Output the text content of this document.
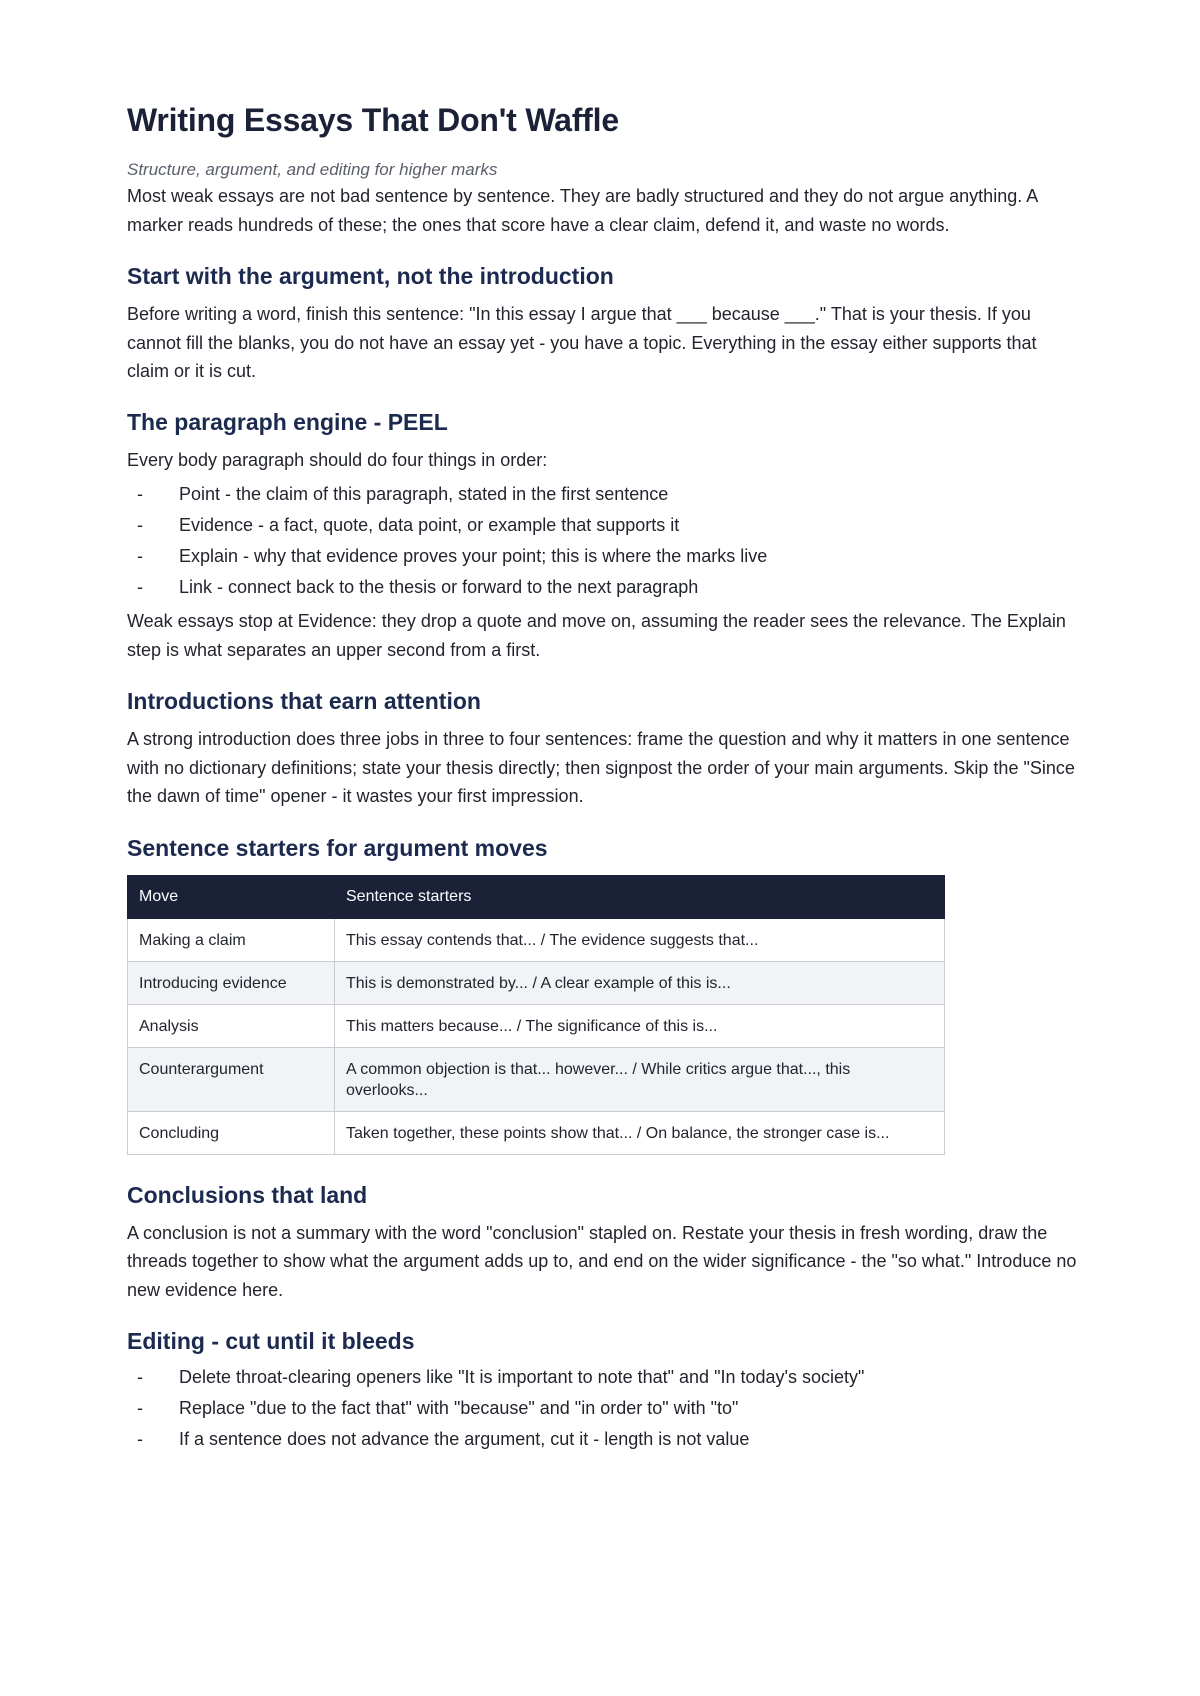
Writing Essays That Don't Waffle

Structure, argument, and editing for higher marks

Most weak essays are not bad sentence by sentence. They are badly structured and they do not argue anything. A marker reads hundreds of these; the ones that score have a clear claim, defend it, and waste no words.

Start with the argument, not the introduction

Before writing a word, finish this sentence: "In this essay I argue that ___ because ___." That is your thesis. If you cannot fill the blanks, you do not have an essay yet - you have a topic. Everything in the essay either supports that claim or it is cut.

The paragraph engine - PEEL

Every body paragraph should do four things in order:

- Point - the claim of this paragraph, stated in the first sentence
- Evidence - a fact, quote, data point, or example that supports it
- Explain - why that evidence proves your point; this is where the marks live
- Link - connect back to the thesis or forward to the next paragraph

Weak essays stop at Evidence: they drop a quote and move on, assuming the reader sees the relevance. The Explain step is what separates an upper second from a first.

Introductions that earn attention

A strong introduction does three jobs in three to four sentences: frame the question and why it matters in one sentence with no dictionary definitions; state your thesis directly; then signpost the order of your main arguments. Skip the "Since the dawn of time" opener - it wastes your first impression.

Sentence starters for argument moves
Move	Sentence starters
Making a claim	This essay contends that... / The evidence suggests that...
Introducing evidence	This is demonstrated by... / A clear example of this is...
Analysis	This matters because... / The significance of this is...
Counterargument	A common objection is that... however... / While critics argue that..., this overlooks...
Concluding	Taken together, these points show that... / On balance, the stronger case is...
Conclusions that land

A conclusion is not a summary with the word "conclusion" stapled on. Restate your thesis in fresh wording, draw the threads together to show what the argument adds up to, and end on the wider significance - the "so what." Introduce no new evidence here.

Editing - cut until it bleeds
- Delete throat-clearing openers like "It is important to note that" and "In today's society"
- Replace "due to the fact that" with "because" and "in order to" with "to"
- If a sentence does not advance the argument, cut it - length is not value
